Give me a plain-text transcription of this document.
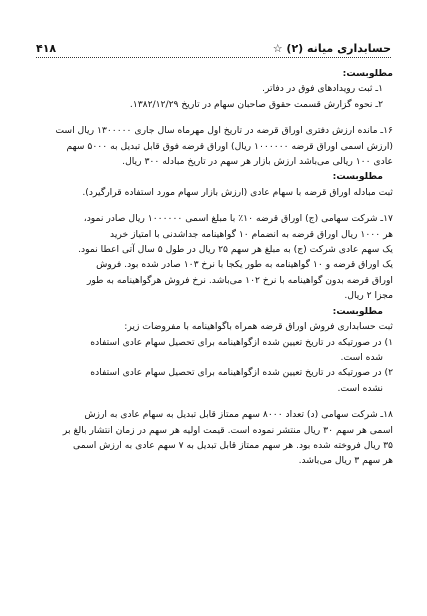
۴۱۸	حسابداری میانه (۲) ☆

مطلوبست:

۱ـ ثبت رویدادهای فوق در دفاتر.

۲ـ نحوه گزارش قسمت حقوق صاحبان سهام در تاریخ ۱۳۸۲/۱۲/۲۹.

۱۶ـ مانده ارزش دفتری اوراق قرضه در تاریخ اول مهرماه سال جاری ۱۳۰۰۰۰۰ ریال است

(ارزش اسمی اوراق قرضه ۱۰۰۰۰۰۰ ریال) اوراق قرضه فوق قابل تبدیل به ۵۰۰۰ سهم

عادی ۱۰۰ ریالی می‌باشد ارزش بازار هر سهم در تاریخ مبادله ۳۰۰ ریال.

مطلوبست:

ثبت مبادله اوراق قرضه با سهام عادی (ارزش بازار سهام مورد استفاده قرارگیرد).

۱۷ـ شرکت سهامی (ج) اوراق قرضه ۱۰٪ با مبلغ اسمی ۱۰۰۰۰۰۰ ریال صادر نمود،

هر ۱۰۰۰ ریال اوراق قرضه به انضمام ۱۰ گواهینامه جداشدنی با امتیاز خرید

یک سهم عادی شرکت (ج) به مبلغ هر سهم ۲۵ ریال در طول ۵ سال آتی اعطا نمود.

یک اوراق قرضه و ۱۰ گواهینامه به طور یکجا با نرخ ۱۰۳ صادر شده بود. فروش

اوراق قرضه بدون گواهینامه با نرخ ۱۰۲ می‌باشد. نرخ فروش هرگواهینامه به طور

مجزا ۲ ریال.

مطلوبست:

ثبت حسابداری فروش اوراق قرضه همراه باگواهینامه با مفروضات زیر:

۱) در صورتیکه در تاریخ تعیین شده ازگواهینامه برای تحصیل سهام عادی استفاده

شده است.

۲) در صورتیکه در تاریخ تعیین شده ازگواهینامه برای تحصیل سهام عادی استفاده

نشده است.

۱۸ـ شرکت سهامی (د) تعداد ۸۰۰۰ سهم ممتاز قابل تبدیل به سهام عادی به ارزش

اسمی هر سهم ۳۰ ریال منتشر نموده است. قیمت اولیه هر سهم در زمان انتشار بالغ بر

۳۵ ریال فروخته شده بود. هر سهم ممتاز قابل تبدیل به ۷ سهم عادی به ارزش اسمی

هر سهم ۳ ریال می‌باشد.
